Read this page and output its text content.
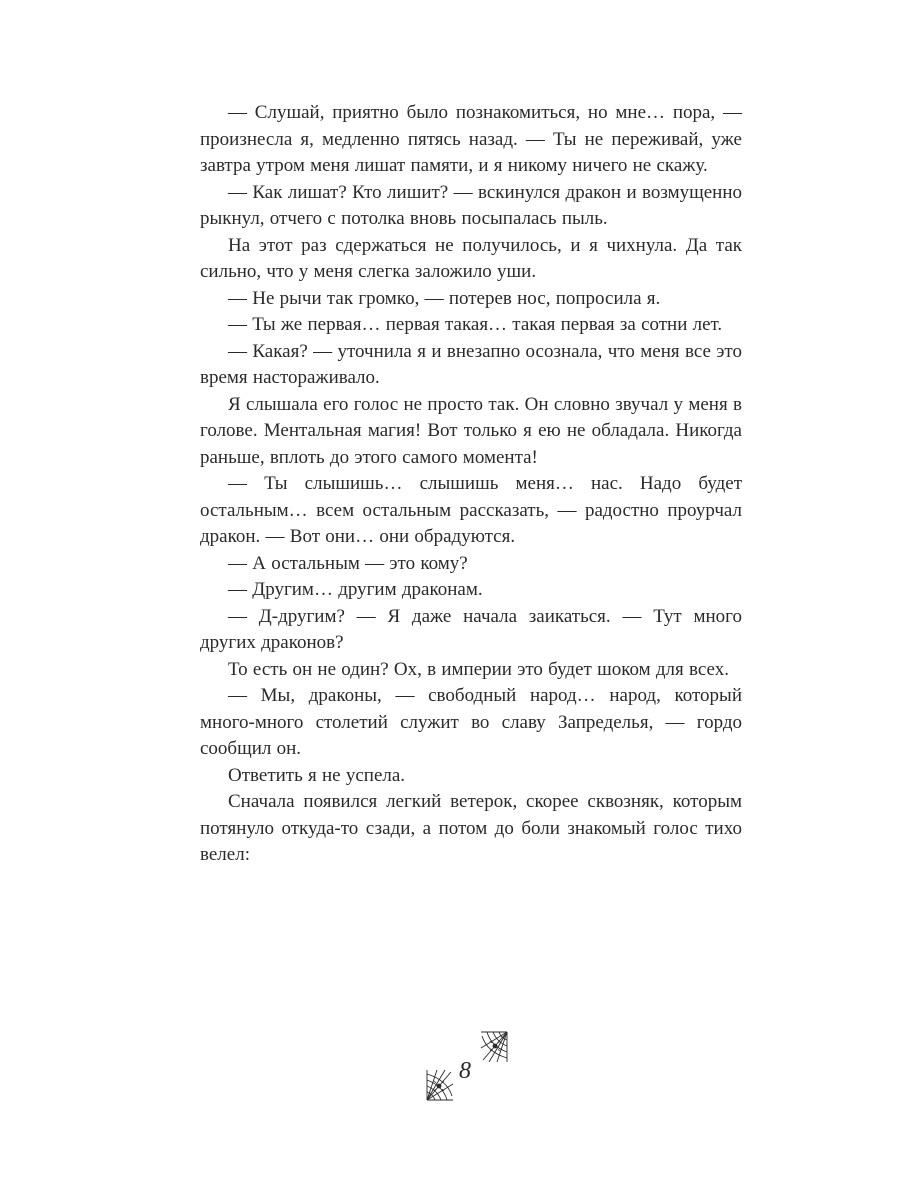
— Слушай, приятно было познакомиться, но мне… пора, — произнесла я, медленно пятясь назад. — Ты не переживай, уже завтра утром меня лишат памяти, и я никому ничего не скажу.

— Как лишат? Кто лишит? — вскинулся дракон и возмущенно рыкнул, отчего с потолка вновь посыпалась пыль.

На этот раз сдержаться не получилось, и я чихнула. Да так сильно, что у меня слегка заложило уши.

— Не рычи так громко, — потерев нос, попросила я.

— Ты же первая… первая такая… такая первая за сотни лет.

— Какая? — уточнила я и внезапно осознала, что меня все это время настораживало.

Я слышала его голос не просто так. Он словно звучал у меня в голове. Ментальная магия! Вот только я ею не обладала. Никогда раньше, вплоть до этого самого момента!

— Ты слышишь… слышишь меня… нас. Надо будет остальным… всем остальным рассказать, — радостно проурчал дракон. — Вот они… они обрадуются.

— А остальным — это кому?

— Другим… другим драконам.

— Д-другим? — Я даже начала заикаться. — Тут много других драконов?

То есть он не один? Ох, в империи это будет шоком для всех.

— Мы, драконы, — свободный народ… народ, который много-много столетий служит во славу Запределья, — гордо сообщил он.

Ответить я не успела.

Сначала появился легкий ветерок, скорее сквозняк, которым потянуло откуда-то сзади, а потом до боли знакомый голос тихо велел:

8
